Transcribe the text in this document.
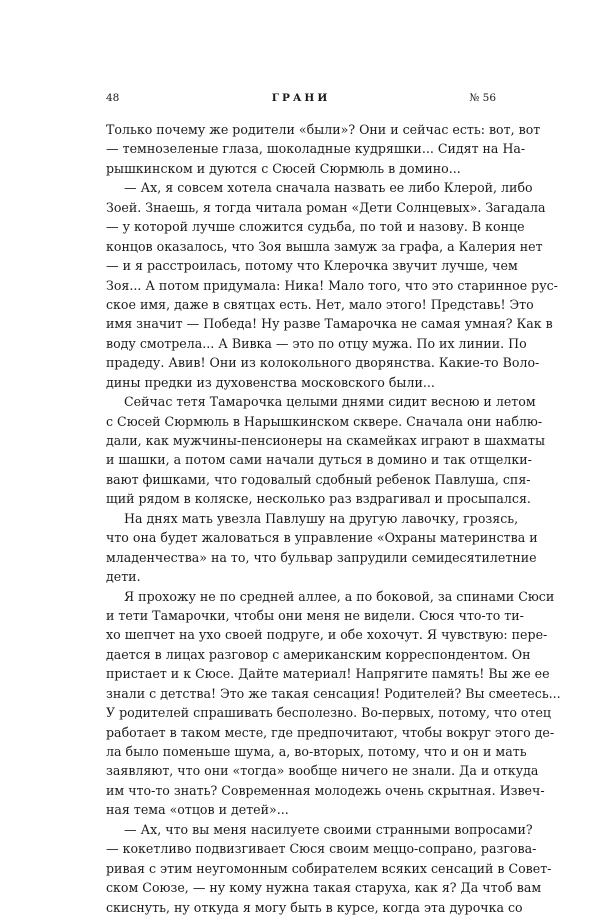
48	ГРАНИ	№ 56
Только почему же родители «были»? Они и сейчас есть: вот, вот
— темнозеленые глаза, шоколадные кудряшки... Сидят на На-
рышкинском и дуются с Сюсей Сюрмюль в домино...
— Ах, я совсем хотела сначала назвать ее либо Клерой, либо
Зоей. Знаешь, я тогда читала роман «Дети Солнцевых». Загадала
— у которой лучше сложится судьба, по той и назову. В конце
концов оказалось, что Зоя вышла замуж за графа, а Калерия нет
— и я расстроилась, потому что Клерочка звучит лучше, чем
Зоя... А потом придумала: Ника! Мало того, что это старинное рус-
ское имя, даже в святцах есть. Нет, мало этого! Представь! Это
имя значит — Победа! Ну разве Тамарочка не самая умная? Как в
воду смотрела... А Вивка — это по отцу мужа. По их линии. По
прадеду. Авив! Они из колокольного дворянства. Какие-то Воло-
дины предки из духовенства московского были...
Сейчас тетя Тамарочка целыми днями сидит весною и летом
с Сюсей Сюрмюль в Нарышкинском сквере. Сначала они наблю-
дали, как мужчины-пенсионеры на скамейках играют в шахматы
и шашки, а потом сами начали дуться в домино и так отщелки-
вают фишками, что годовалый сдобный ребенок Павлуша, спя-
щий рядом в коляске, несколько раз вздрагивал и просыпался.
На днях мать увезла Павлушу на другую лавочку, грозясь,
что она будет жаловаться в управление «Охраны материнства и
младенчества» на то, что бульвар запрудили семидесятилетние
дети.
Я прохожу не по средней аллее, а по боковой, за спинами Сюси
и тети Тамарочки, чтобы они меня не видели. Сюся что-то ти-
хо шепчет на ухо своей подруге, и обе хохочут. Я чувствую: пере-
дается в лицах разговор с американским корреспондентом. Он
пристает и к Сюсе. Дайте материал! Напрягите память! Вы же ее
знали с детства! Это же такая сенсация! Родителей? Вы смеетесь...
У родителей спрашивать бесполезно. Во-первых, потому, что отец
работает в таком месте, где предпочитают, чтобы вокруг этого де-
ла было поменьше шума, а, во-вторых, потому, что и он и мать
заявляют, что они «тогда» вообще ничего не знали. Да и откуда
им что-то знать? Современная молодежь очень скрытная. Извеч-
ная тема «отцов и детей»...
— Ах, что вы меня насилуете своими странными вопросами?
— кокетливо подвизгивает Сюся своим меццо-сопрано, разгова-
ривая с этим неугомонным собирателем всяких сенсаций в Совет-
ском Союзе, — ну кому нужна такая старуха, как я? Да чтоб вам
скиснуть, ну откуда я могу быть в курсе, когда эта дурочка со
